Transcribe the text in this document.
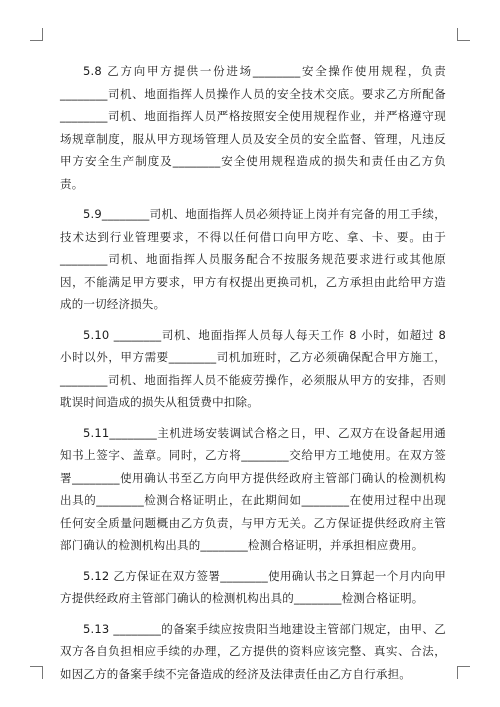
5.8 乙方向甲方提供一份进场________安全操作使用规程，负责________司机、地面指挥人员操作人员的安全技术交底。要求乙方所配备________司机、地面指挥人员严格按照安全使用规程作业，并严格遵守现场规章制度，服从甲方现场管理人员及安全员的安全监督、管理，凡违反甲方安全生产制度及________安全使用规程造成的损失和责任由乙方负责。

5.9________司机、地面指挥人员必须持证上岗并有完备的用工手续，技术达到行业管理要求，不得以任何借口向甲方吃、拿、卡、要。由于________司机、地面指挥人员服务配合不按服务规范要求进行或其他原因，不能满足甲方要求，甲方有权提出更换司机，乙方承担由此给甲方造成的一切经济损失。

5.10 ________司机、地面指挥人员每人每天工作 8 小时，如超过 8 小时以外，甲方需要________司机加班时，乙方必须确保配合甲方施工，________司机、地面指挥人员不能疲劳操作，必须服从甲方的安排，否则耽误时间造成的损失从租赁费中扣除。

5.11________主机进场安装调试合格之日，甲、乙双方在设备起用通知书上签字、盖章。同时，乙方将________交给甲方工地使用。在双方签署________使用确认书至乙方向甲方提供经政府主管部门确认的检测机构出具的________检测合格证明止，在此期间如________在使用过程中出现任何安全质量问题概由乙方负责，与甲方无关。乙方保证提供经政府主管部门确认的检测机构出具的________检测合格证明，并承担相应费用。

5.12 乙方保证在双方签署________使用确认书之日算起一个月内向甲方提供经政府主管部门确认的检测机构出具的________检测合格证明。

5.13 ________的备案手续应按贵阳当地建设主管部门规定，由甲、乙双方各自负担相应手续的办理，乙方提供的资料应该完整、真实、合法，如因乙方的备案手续不完备造成的经济及法律责任由乙方自行承担。
